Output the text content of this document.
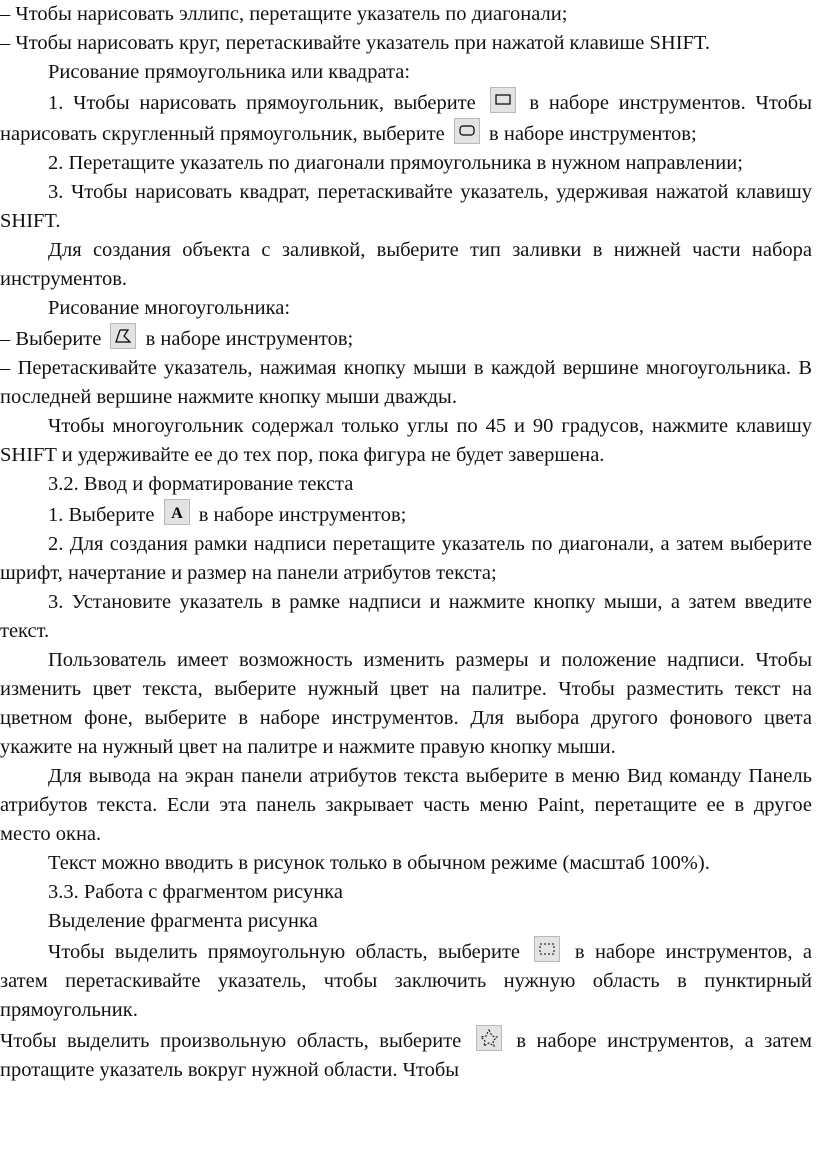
– Чтобы нарисовать эллипс, перетащите указатель по диагонали;

– Чтобы нарисовать круг, перетаскивайте указатель при нажатой клавише SHIFT.

Рисование прямоугольника или квадрата:

1. Чтобы нарисовать прямоугольник, выберите
в наборе инструментов. Чтобы нарисовать скругленный прямоугольник, выберите
в наборе инструментов;

2. Перетащите указатель по диагонали прямоугольника в нужном направлении;

3. Чтобы нарисовать квадрат, перетаскивайте указатель, удерживая нажатой клавишу SHIFT.

Для создания объекта с заливкой, выберите тип заливки в нижней части набора инструментов.

Рисование многоугольника:

– Выберите
в наборе инструментов;

– Перетаскивайте указатель, нажимая кнопку мыши в каждой вершине многоугольника. В последней вершине нажмите кнопку мыши дважды.

Чтобы многоугольник содержал только углы по 45 и 90 градусов, нажмите клавишу SHIFT и удерживайте ее до тех пор, пока фигура не будет завершена.

3.2. Ввод и форматирование текста

1. Выберите A в наборе инструментов;

2. Для создания рамки надписи перетащите указатель по диагонали, а затем выберите шрифт, начертание и размер на панели атрибутов текста;

3. Установите указатель в рамке надписи и нажмите кнопку мыши, а затем введите текст.

Пользователь имеет возможность изменить размеры и положение надписи. Чтобы изменить цвет текста, выберите нужный цвет на палитре. Чтобы разместить текст на цветном фоне, выберите в наборе инструментов. Для выбора другого фонового цвета укажите на нужный цвет на палитре и нажмите правую кнопку мыши.

Для вывода на экран панели атрибутов текста выберите в меню Вид команду Панель атрибутов текста. Если эта панель закрывает часть меню Paint, перетащите ее в другое место окна.

Текст можно вводить в рисунок только в обычном режиме (масштаб 100%).

3.3. Работа с фрагментом рисунка

Выделение фрагмента рисунка

Чтобы выделить прямоугольную область, выберите
в наборе инструментов, а затем перетаскивайте указатель, чтобы заключить нужную область в пунктирный прямоугольник.

Чтобы выделить произвольную область, выберите
в наборе инструментов, а затем протащите указатель вокруг нужной области. Чтобы
